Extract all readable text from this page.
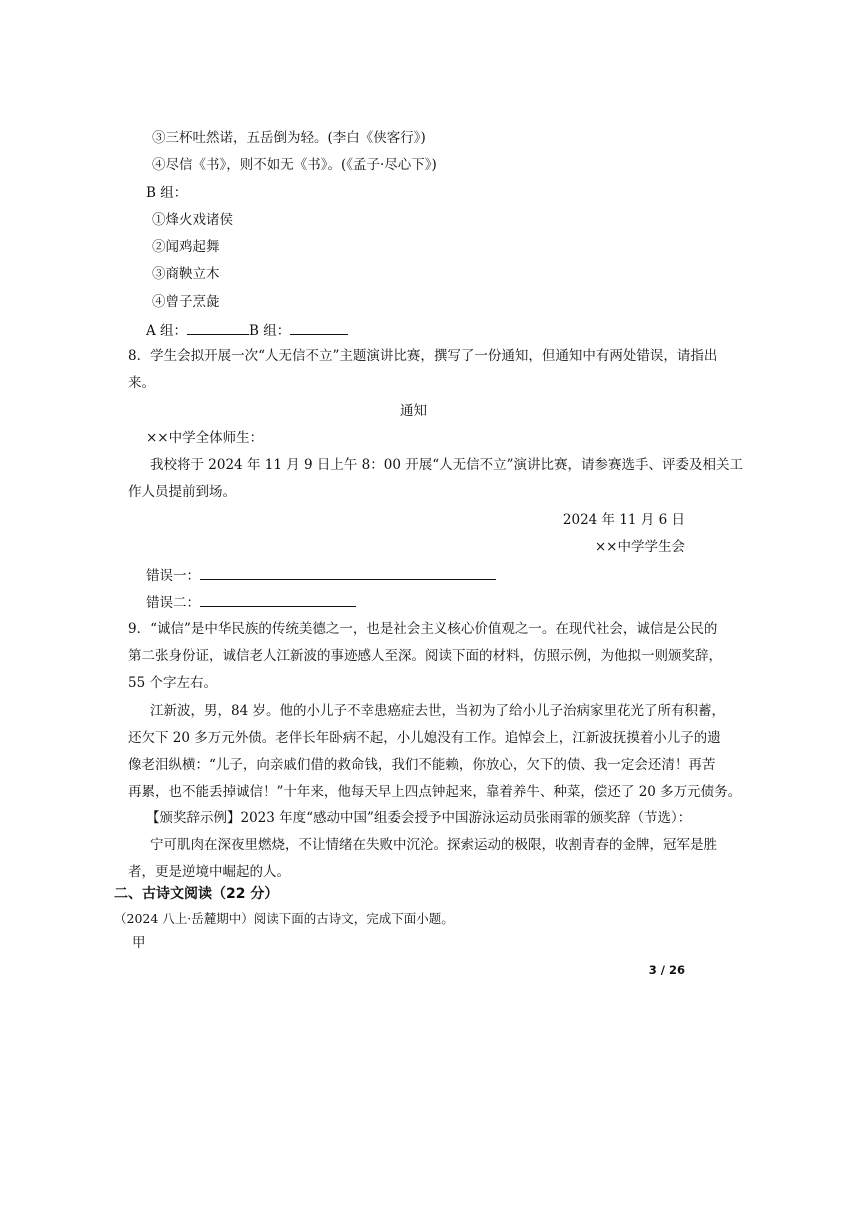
③三杯吐然诺，五岳倒为轻。(李白《侠客行》)
④尽信《书》，则不如无《书》。(《孟子·尽心下》)
B 组：
①烽火戏诸侯
②闻鸡起舞
③商鞅立木
④曾子烹彘
A 组：	B 组：
8．学生会拟开展一次“人无信不立”主题演讲比赛，撰写了一份通知，但通知中有两处错误，请指出
来。
通知
××中学全体师生：
我校将于 2024 年 11 月 9 日上午 8：00 开展“人无信不立”演讲比赛，请参赛选手、评委及相关工
作人员提前到场。
2024 年 11 月 6 日
××中学学生会
错误一：
错误二：
9．“诚信”是中华民族的传统美德之一，也是社会主义核心价值观之一。在现代社会，诚信是公民的
第二张身份证，诚信老人江新波的事迹感人至深。阅读下面的材料，仿照示例，为他拟一则颁奖辞，
55 个字左右。
江新波，男，84 岁。他的小儿子不幸患癌症去世，当初为了给小儿子治病家里花光了所有积蓄，
还欠下 20 多万元外债。老伴长年卧病不起，小儿媳没有工作。追悼会上，江新波抚摸着小儿子的遗
像老泪纵横：“儿子，向亲戚们借的救命钱，我们不能赖，你放心，欠下的债、我一定会还清！再苦
再累，也不能丢掉诚信！”十年来，他每天早上四点钟起来，靠着养牛、种菜，偿还了 20 多万元债务。
【颁奖辞示例】2023 年度“感动中国”组委会授予中国游泳运动员张雨霏的颁奖辞（节选）：
宁可肌肉在深夜里燃烧，不让情绪在失败中沉沦。探索运动的极限，收割青春的金牌，冠军是胜
者，更是逆境中崛起的人。
二、古诗文阅读（22 分）
（2024 八上·岳麓期中）阅读下面的古诗文，完成下面小题。
甲
3 / 26
